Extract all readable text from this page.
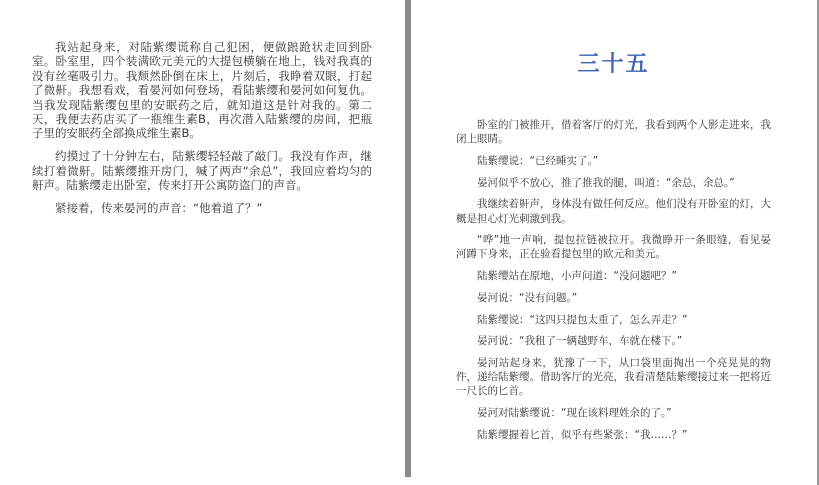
我站起身来，对陆紫缨谎称自己犯困，便做踉跄状走回到卧室。卧室里，四个装满欧元美元的大提包横躺在地上，钱对我真的没有丝毫吸引力。我颓然卧倒在床上，片刻后，我睁着双眼，打起了微鼾。我想看戏，看晏河如何登场，看陆紫缨和晏河如何复仇。当我发现陆紫缨包里的安眠药之后，就知道这是针对我的。第二天，我便去药店买了一瓶维生素B，再次潜入陆紫缨的房间，把瓶子里的安眠药全部换成维生素B。

约摸过了十分钟左右，陆紫缨轻轻敲了敲门。我没有作声，继续打着微鼾。陆紫缨推开房门，喊了两声“余总”，我回应着均匀的鼾声。陆紫缨走出卧室，传来打开公寓防盗门的声音。

紧接着，传来晏河的声音：“他着道了？”

三十五

卧室的门被推开，借着客厅的灯光，我看到两个人影走进来，我闭上眼睛。

陆紫缨说：“已经睡实了。”

晏河似乎不放心，推了推我的腿，叫道：“余总，余总。”

我继续着鼾声，身体没有做任何反应。他们没有开卧室的灯，大概是担心灯光刺激到我。

“哗”地一声响，提包拉链被拉开。我微睁开一条眼缝，看见晏河蹲下身来，正在验看提包里的欧元和美元。

陆紫缨站在原地，小声问道：“没问题吧？”

晏河说：“没有问题。”

陆紫缨说：“这四只提包太重了，怎么弄走？”

晏河说：“我租了一辆越野车，车就在楼下。”

晏河站起身来，犹豫了一下，从口袋里面掏出一个亮晃晃的物件，递给陆紫缨。借助客厅的光亮，我看清楚陆紫缨接过来一把将近一尺长的匕首。

晏河对陆紫缨说：“现在该料理姓余的了。”

陆紫缨握着匕首，似乎有些紧张：“我……？”
